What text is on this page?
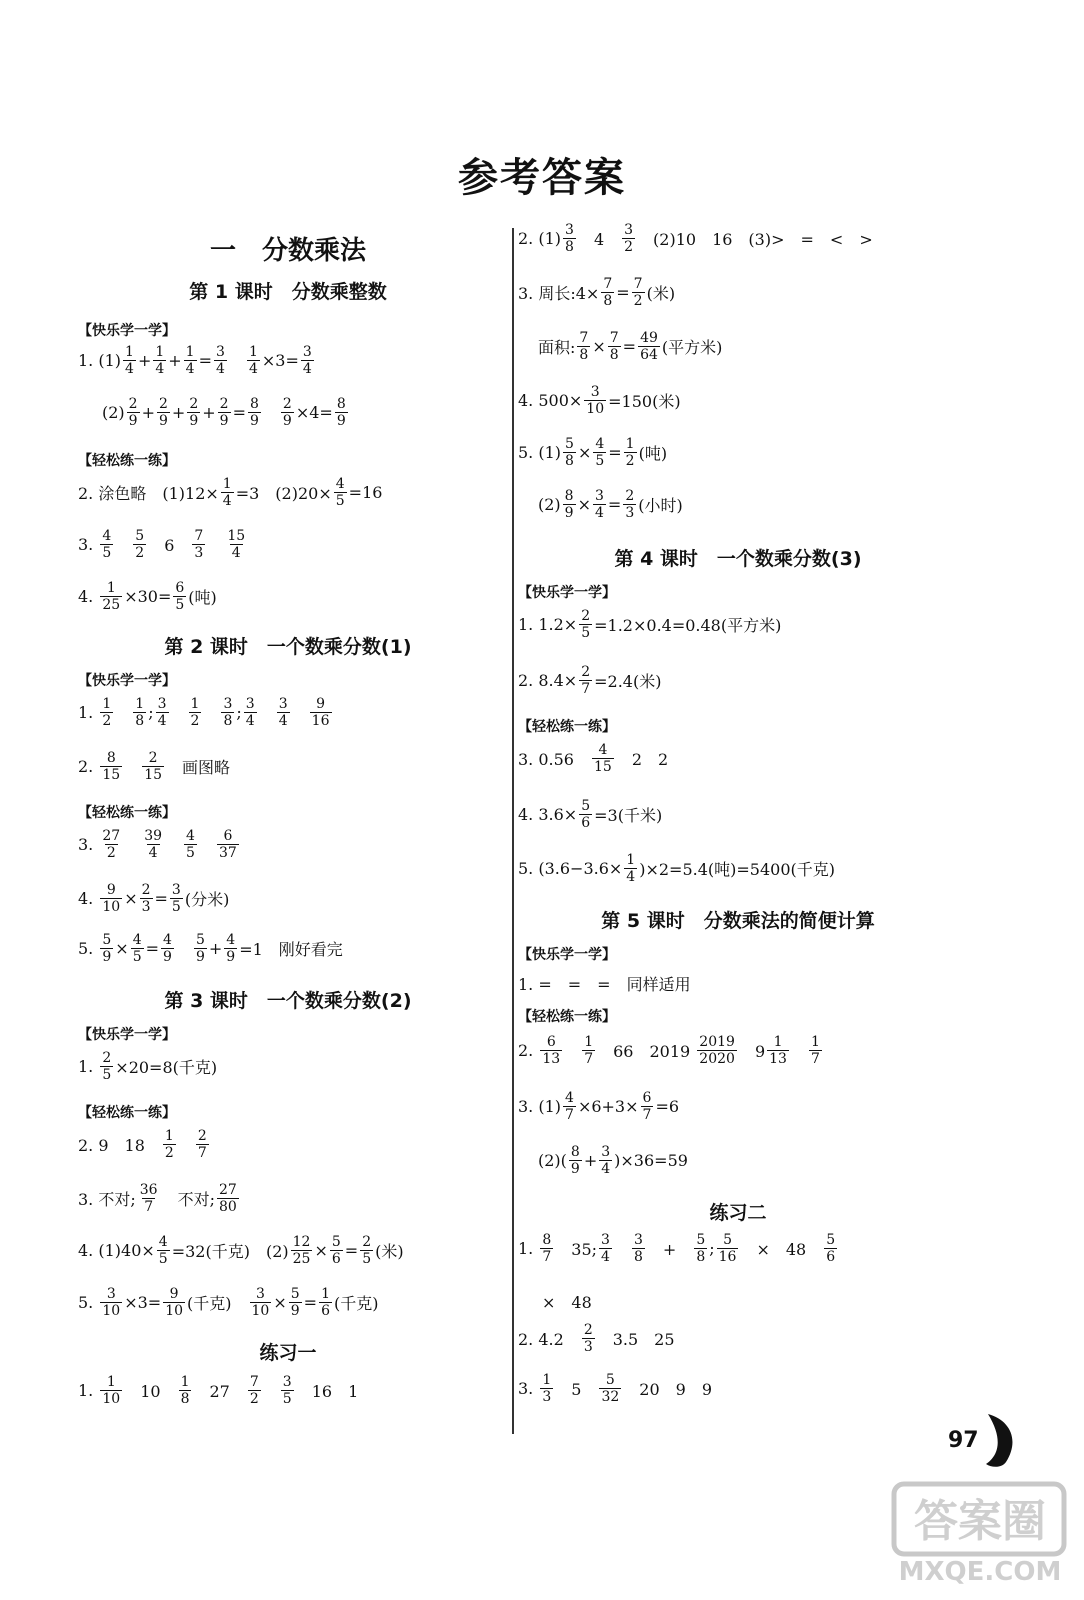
参考答案
一　分数乘法
第 1 课时　分数乘整数
【快乐学一学】
1. $(1) \frac{1}{4} + \frac{1}{4} + \frac{1}{4} = \frac{3}{4}$
　 $\frac{1}{4} \times 3= \frac{3}{4}$
$(2) \frac{2}{9} + \frac{2}{9} + \frac{2}{9} + \frac{2}{9} = \frac{8}{9}$
　 $\frac{2}{9} \times 4= \frac{8}{9}$
【轻松练一练】
2. 涂色略　$(1)12\times \frac{1}{4} =3$　$(2)20\times \frac{4}{5} =16$
3. $\frac{4}{5}$
　 $\frac{5}{2}$ 　6　 $\frac{7}{3}$
　 $\frac{15}{4}$
4. $\frac{1}{25} \times 30= \frac{6}{5}$ (吨)
第 2 课时　一个数乘分数(1)
【快乐学一学】
1. $\frac{1}{2}$
　 $\frac{1}{8}$ ; $\frac{3}{4}$
　 $\frac{1}{2}$
　 $\frac{3}{8}$ ; $\frac{3}{4}$
　 $\frac{3}{4}$
　 $\frac{9}{16}$
2. $\frac{8}{15}$
　 $\frac{2}{15}$ 　画图略
【轻松练一练】
3. $\frac{27}{2}$
　 $\frac{39}{4}$
　 $\frac{4}{5}$
　 $\frac{6}{37}$
4. $\frac{9}{10} \times \frac{2}{3} = \frac{3}{5}$ (分米)
5. $\frac{5}{9} \times \frac{4}{5} = \frac{4}{9}$
　 $\frac{5}{9} + \frac{4}{9} =1$　刚好看完
第 3 课时　一个数乘分数(2)
【快乐学一学】
1. $\frac{2}{5} \times 20=8$(千克)
【轻松练一练】
2. 9　18　 $\frac{1}{2}$
　 $\frac{2}{7}$
3. 不对; $\frac{36}{7}$ 　不对; $\frac{27}{80}$
4. $(1)40\times \frac{4}{5} =32$(千克)　$(2) \frac{12}{25} \times \frac{5}{6} = \frac{2}{5}$ (米)
5. $\frac{3}{10} \times 3= \frac{9}{10}$ (千克)　 $\frac{3}{10} \times \frac{5}{9} = \frac{1}{6}$ (千克)
练习一
1. $\frac{1}{10}$ 　10　 $\frac{1}{8}$ 　27　 $\frac{7}{2}$
　 $\frac{3}{5}$ 　16　1
2. $(1) \frac{3}{8}$ 　4　 $\frac{3}{2}$ 　(2)10　16　(3)>　=　<　>
3. 周长:4× $\frac{7}{8} = \frac{7}{2}$ (米)
面积: $\frac{7}{8} \times \frac{7}{8} = \frac{49}{64}$ (平方米)
4. $500\times \frac{3}{10} =150$(米)
5. $(1) \frac{5}{8} \times \frac{4}{5} = \frac{1}{2}$ (吨)
$(2) \frac{8}{9} \times \frac{3}{4} = \frac{2}{3}$ (小时)
第 4 课时　一个数乘分数(3)
【快乐学一学】
1. $1.2\times \frac{2}{5} =1.2\times 0.4=0.48$(平方米)
2. $8.4\times \frac{2}{7} =2.4$(米)
【轻松练一练】
3. 0.56　 $\frac{4}{15}$ 　2　2
4. $3.6\times \frac{5}{6} =3$(千米)
5. $(3.6-3.6\times \frac{1}{4} )\times 2=5.4$(吨)=5400(千克)
第 5 课时　分数乘法的简便计算
【快乐学一学】
1. =　=　=　同样适用
【轻松练一练】
2. $\frac{6}{13}$
　 $\frac{1}{7}$ 　66　$2019 \frac{2019}{2020}$ 　$9 \frac{1}{13}$
　 $\frac{1}{7}$
3. $(1) \frac{4}{7} \times 6+3\times \frac{6}{7} =6$
$(2)( \frac{8}{9} + \frac{3}{4} )\times 36=59$
练习二
1. $\frac{8}{7}$ 　35; $\frac{3}{4}$
　 $\frac{3}{8}$ 　+　 $\frac{5}{8}$ ; $\frac{5}{16}$ 　×　48　 $\frac{5}{6}$
×　48
2. 4.2　 $\frac{2}{3}$ 　3.5　25
3. $\frac{1}{3}$ 　5　 $\frac{5}{32}$ 　20　9　9
97
答案圈
MXQE.COM
